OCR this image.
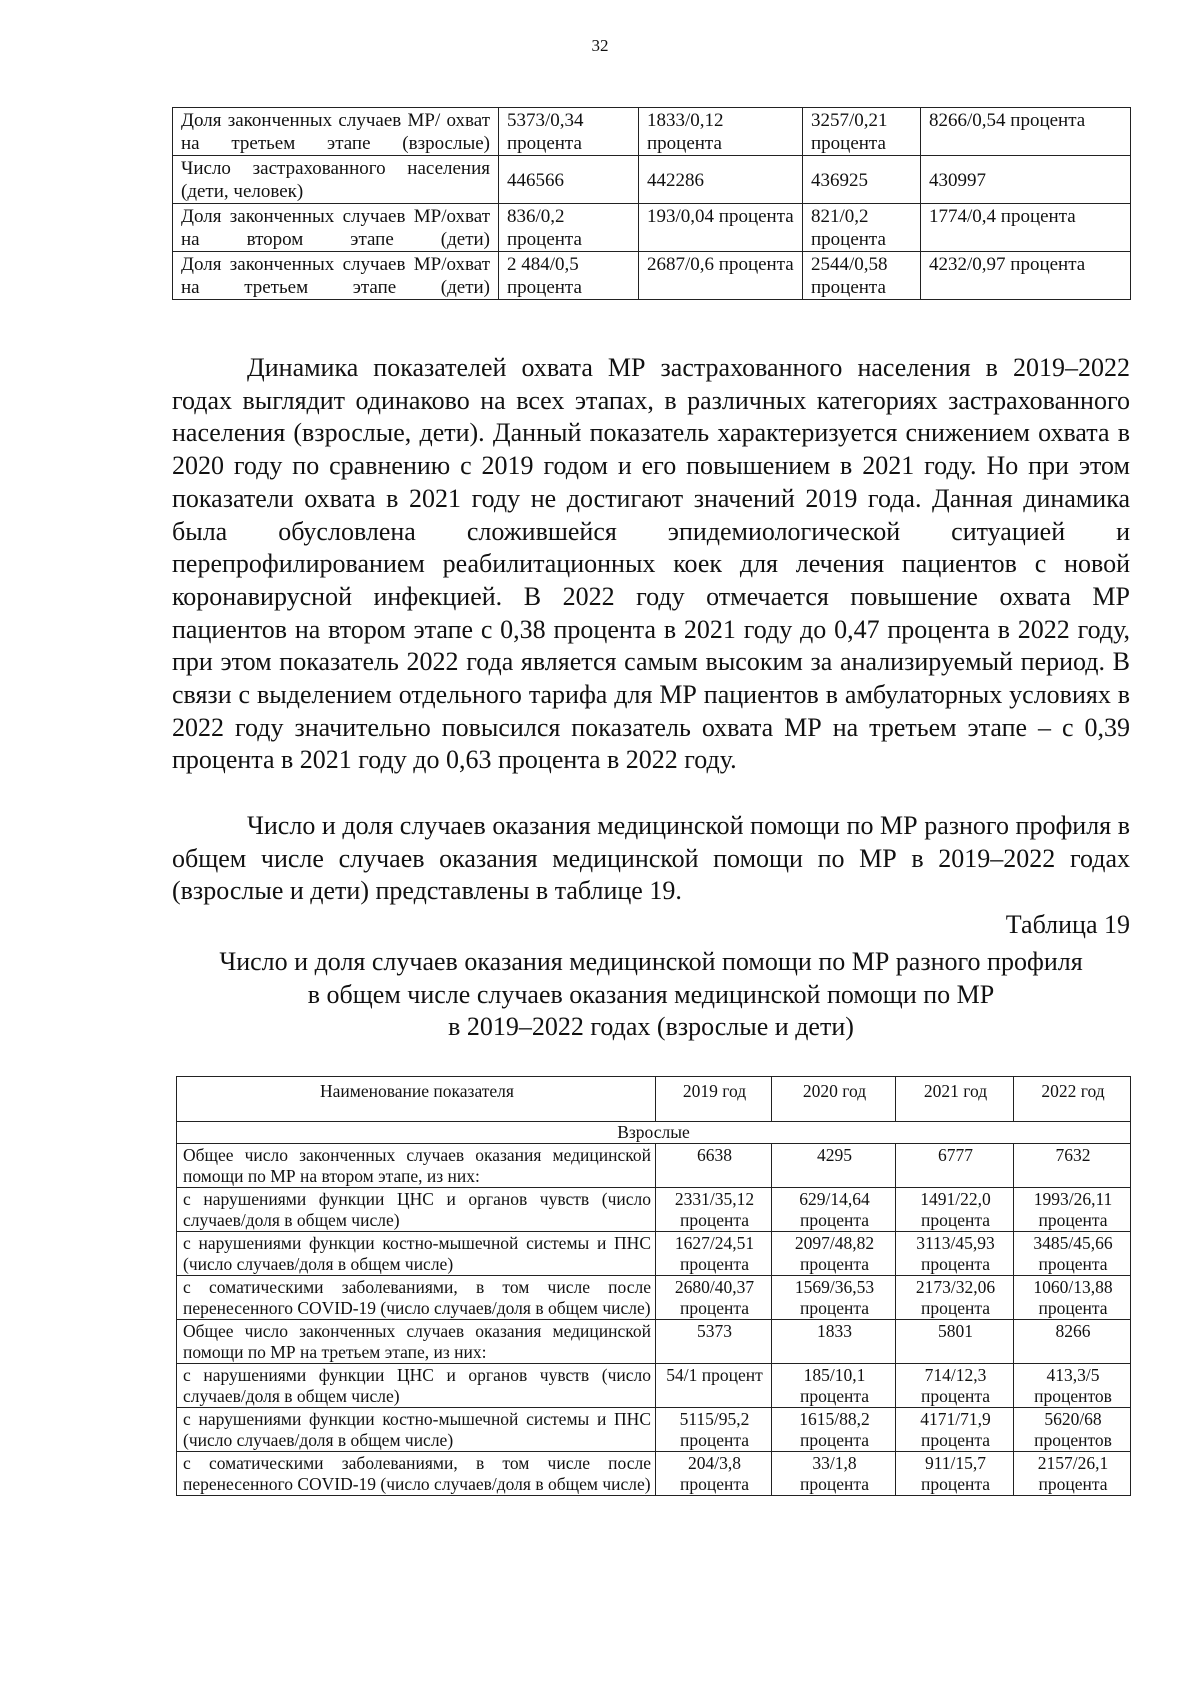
32
Доля законченных случаев МР/ охват на третьем этапе (взрослые)	5373/0,34 процента	1833/0,12 процента	3257/0,21 процента	8266/0,54 процента
Число застрахованного населения (дети, человек)	446566	442286	436925	430997
Доля законченных случаев МР/охват на втором этапе (дети)	836/0,2 процента	193/0,04 процента	821/0,2 процента	1774/0,4 процента
Доля законченных случаев МР/охват на третьем этапе (дети)	2 484/0,5 процента	2687/0,6 процента	2544/0,58 процента	4232/0,97 процента

Динамика показателей охвата МР застрахованного населения в 2019–2022 годах выглядит одинаково на всех этапах, в различных категориях застрахованного населения (взрослые, дети). Данный показатель характеризуется снижением охвата в 2020 году по сравнению с 2019 годом и его повышением в 2021 году. Но при этом показатели охвата в 2021 году не достигают значений 2019 года. Данная динамика была обусловлена сложившейся эпидемиологической ситуацией и перепрофилированием реабилитационных коек для лечения пациентов с новой коронавирусной инфекцией. В 2022 году отмечается повышение охвата МР пациентов на втором этапе с 0,38 процента в 2021 году до 0,47 процента в 2022 году, при этом показатель 2022 года является самым высоким за анализируемый период. В связи с выделением отдельного тарифа для МР пациентов в амбулаторных условиях в 2022 году значительно повысился показатель охвата МР на третьем этапе – с 0,39 процента в 2021 году до 0,63 процента в 2022 году.

Число и доля случаев оказания медицинской помощи по МР разного профиля в общем числе случаев оказания медицинской помощи по МР в 2019–2022 годах (взрослые и дети) представлены в таблице 19.

Таблица 19
Число и доля случаев оказания медицинской помощи по МР разного профиля
в общем числе случаев оказания медицинской помощи по МР
в 2019–2022 годах (взрослые и дети)
Наименование показателя	2019 год	2020 год	2021 год	2022 год
Взрослые				
Общее число законченных случаев оказания медицинской помощи по МР на втором этапе, из них:	6638	4295	6777	7632
с нарушениями функции ЦНС и органов чувств (число случаев/доля в общем числе)	2331/35,12 процента	629/14,64 процента	1491/22,0 процента	1993/26,11 процента
с нарушениями функции костно-мышечной системы и ПНС (число случаев/доля в общем числе)	1627/24,51 процента	2097/48,82 процента	3113/45,93 процента	3485/45,66 процента
с соматическими заболеваниями, в том числе после перенесенного COVID-19 (число случаев/доля в общем числе)	2680/40,37 процента	1569/36,53 процента	2173/32,06 процента	1060/13,88 процента
Общее число законченных случаев оказания медицинской помощи по МР на третьем этапе, из них:	5373	1833	5801	8266
с нарушениями функции ЦНС и органов чувств (число случаев/доля в общем числе)	54/1 процент	185/10,1 процента	714/12,3 процента	413,3/5 процентов
с нарушениями функции костно-мышечной системы и ПНС (число случаев/доля в общем числе)	5115/95,2 процента	1615/88,2 процента	4171/71,9 процента	5620/68 процентов
с соматическими заболеваниями, в том числе после перенесенного COVID-19 (число случаев/доля в общем числе)	204/3,8 процента	33/1,8 процента	911/15,7 процента	2157/26,1 процента
